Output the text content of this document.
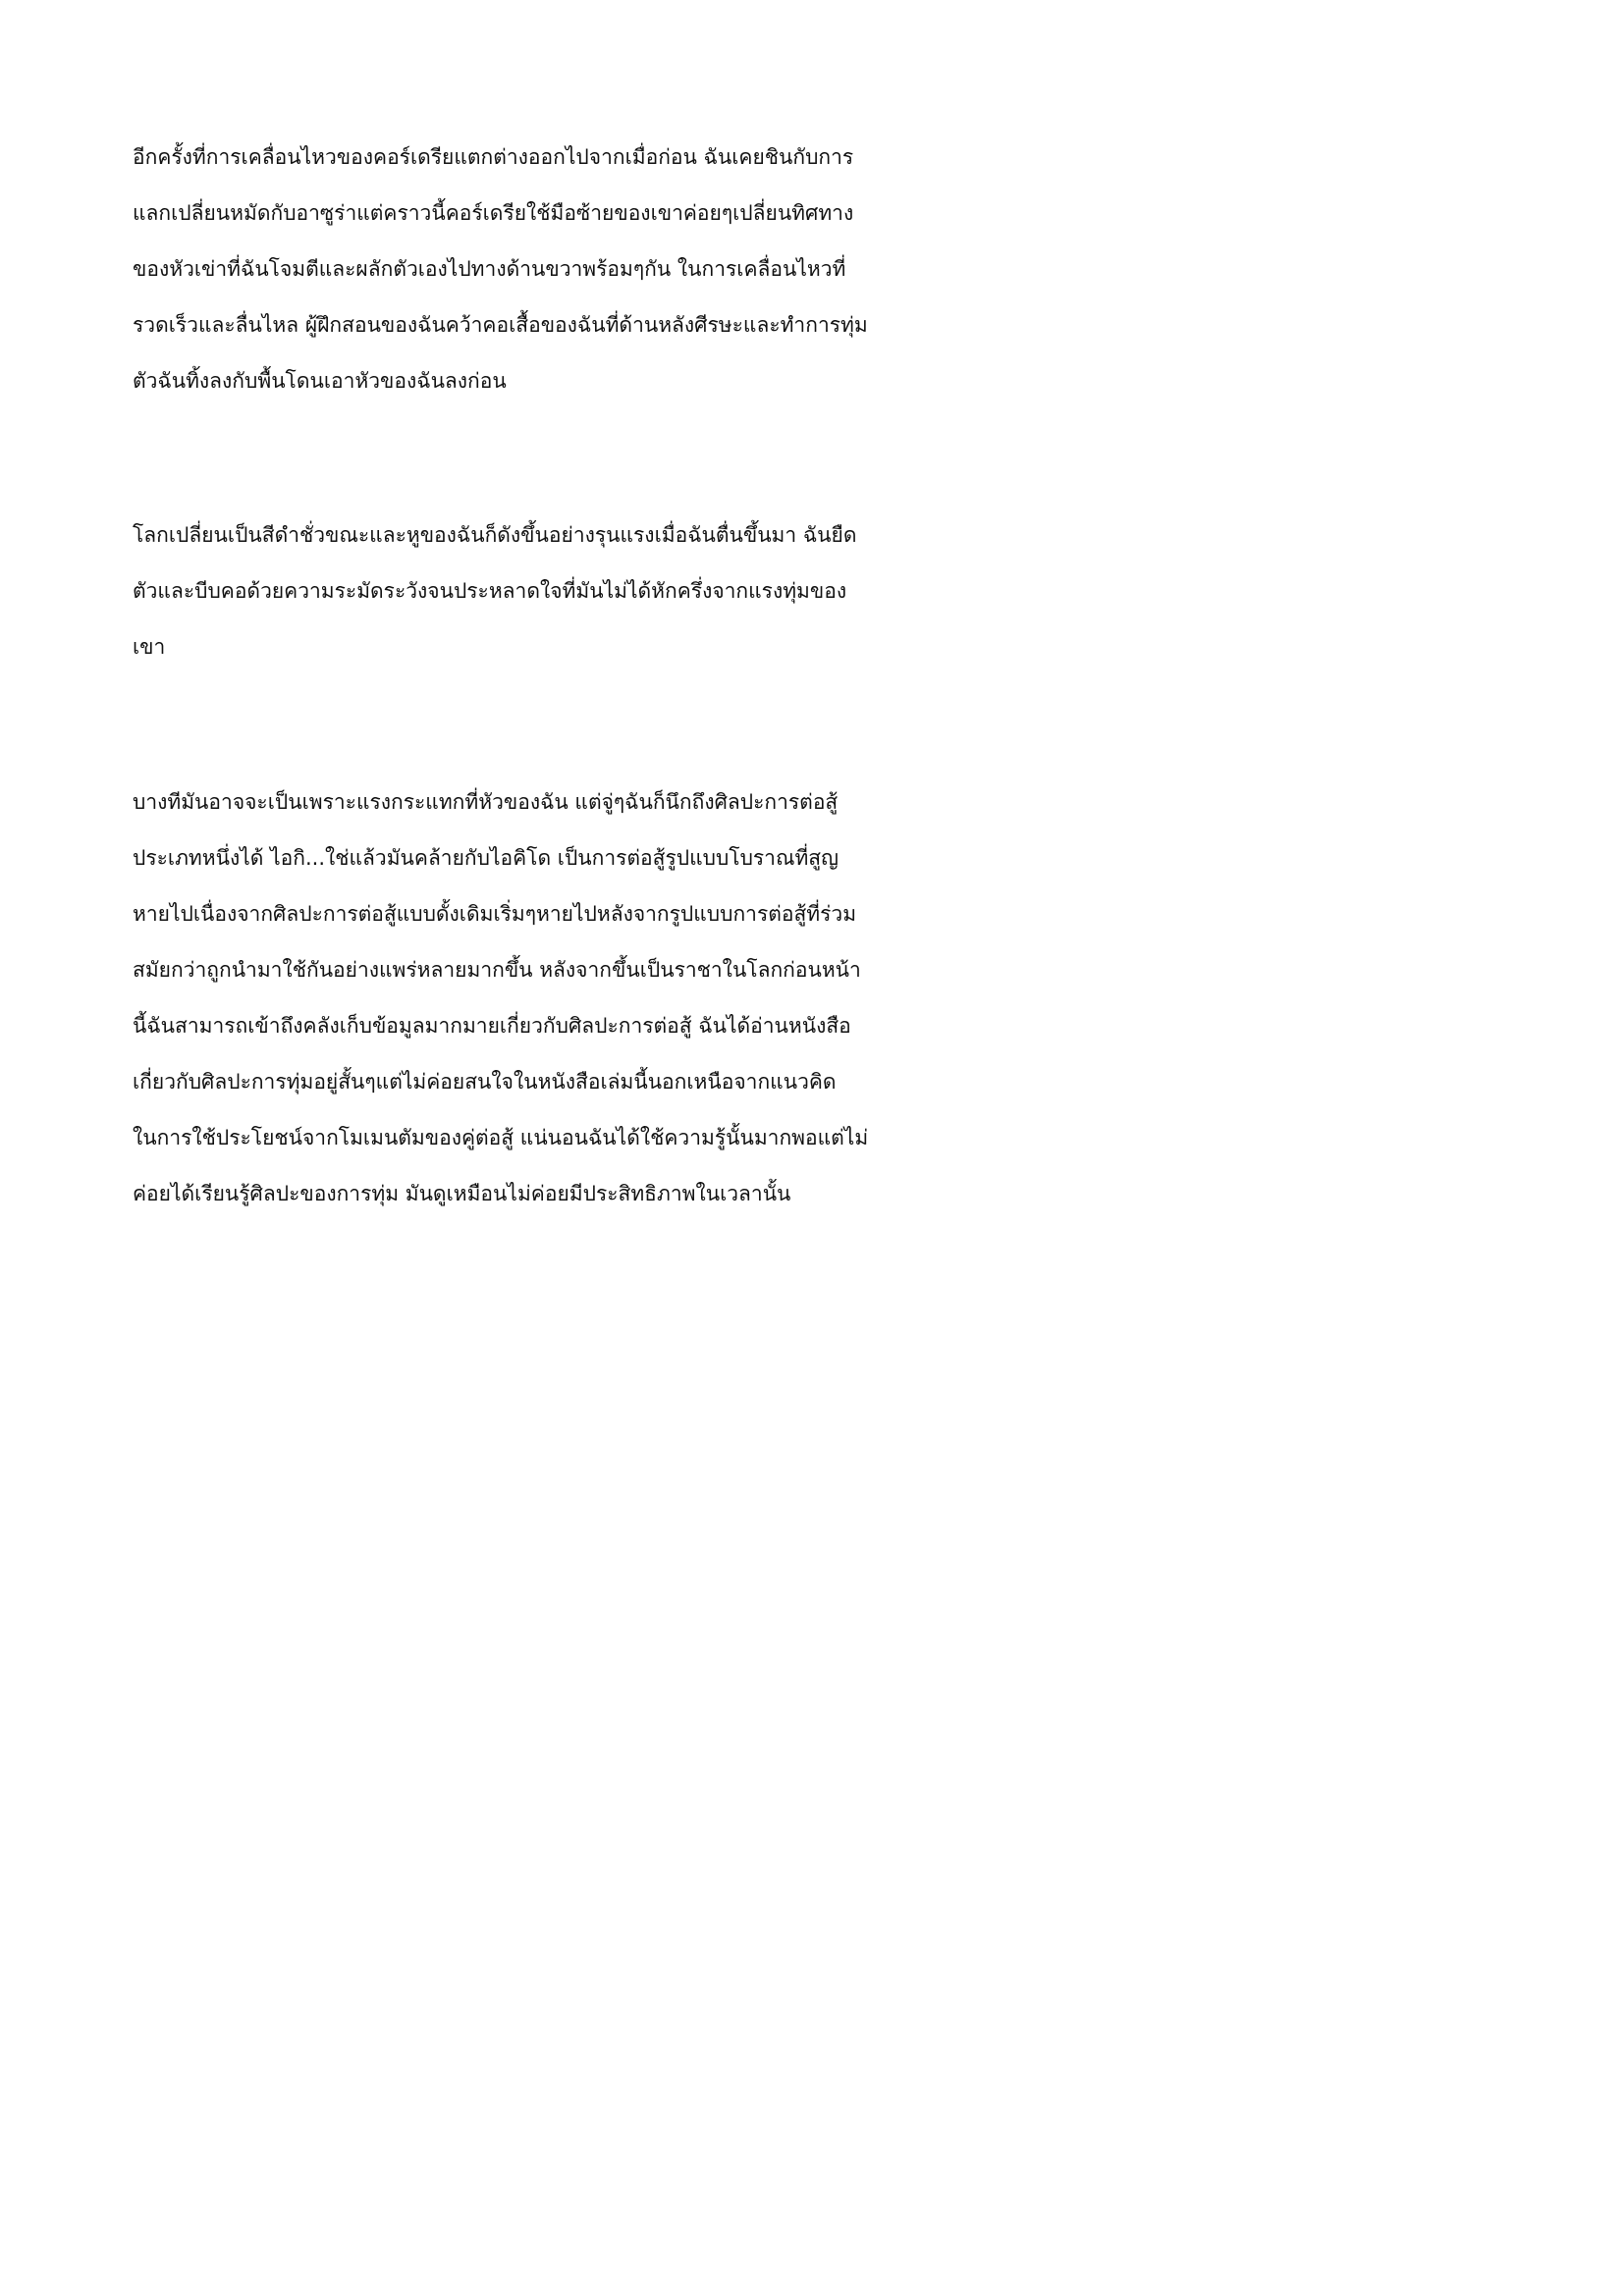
อีกครั้งที่การเคลื่อนไหวของคอร์เดรียแตกต่างออกไปจากเมื่อก่อน ฉันเคยชินกับการ
แลกเปลี่ยนหมัดกับอาซูร่าแต่คราวนี้คอร์เดรียใช้มือซ้ายของเขาค่อยๆเปลี่ยนทิศทาง
ของหัวเข่าที่ฉันโจมตีและผลักตัวเองไปทางด้านขวาพร้อมๆกัน ในการเคลื่อนไหวที่
รวดเร็วและลื่นไหล ผู้ฝึกสอนของฉันคว้าคอเสื้อของฉันที่ด้านหลังศีรษะและทำการทุ่ม
ตัวฉันทิ้งลงกับพื้นโดนเอาหัวของฉันลงก่อน
โลกเปลี่ยนเป็นสีดำชั่วขณะและหูของฉันก็ดังขึ้นอย่างรุนแรงเมื่อฉันตื่นขึ้นมา ฉันยืด
ตัวและบีบคอด้วยความระมัดระวังจนประหลาดใจที่มันไม่ได้หักครึ่งจากแรงทุ่มของ
เขา
บางทีมันอาจจะเป็นเพราะแรงกระแทกที่หัวของฉัน แต่จู่ๆฉันก็นึกถึงศิลปะการต่อสู้
ประเภทหนึ่งได้ ไอกิ...ใช่แล้วมันคล้ายกับไอคิโด เป็นการต่อสู้รูปแบบโบราณที่สูญ
หายไปเนื่องจากศิลปะการต่อสู้แบบดั้งเดิมเริ่มๆหายไปหลังจากรูปแบบการต่อสู้ที่ร่วม
สมัยกว่าถูกนำมาใช้กันอย่างแพร่หลายมากขึ้น หลังจากขึ้นเป็นราชาในโลกก่อนหน้า
นี้ฉันสามารถเข้าถึงคลังเก็บข้อมูลมากมายเกี่ยวกับศิลปะการต่อสู้ ฉันได้อ่านหนังสือ
เกี่ยวกับศิลปะการทุ่มอยู่สั้นๆแต่ไม่ค่อยสนใจในหนังสือเล่มนี้นอกเหนือจากแนวคิด
ในการใช้ประโยชน์จากโมเมนตัมของคู่ต่อสู้ แน่นอนฉันได้ใช้ความรู้นั้นมากพอแต่ไม่
ค่อยได้เรียนรู้ศิลปะของการทุ่ม มันดูเหมือนไม่ค่อยมีประสิทธิภาพในเวลานั้น
